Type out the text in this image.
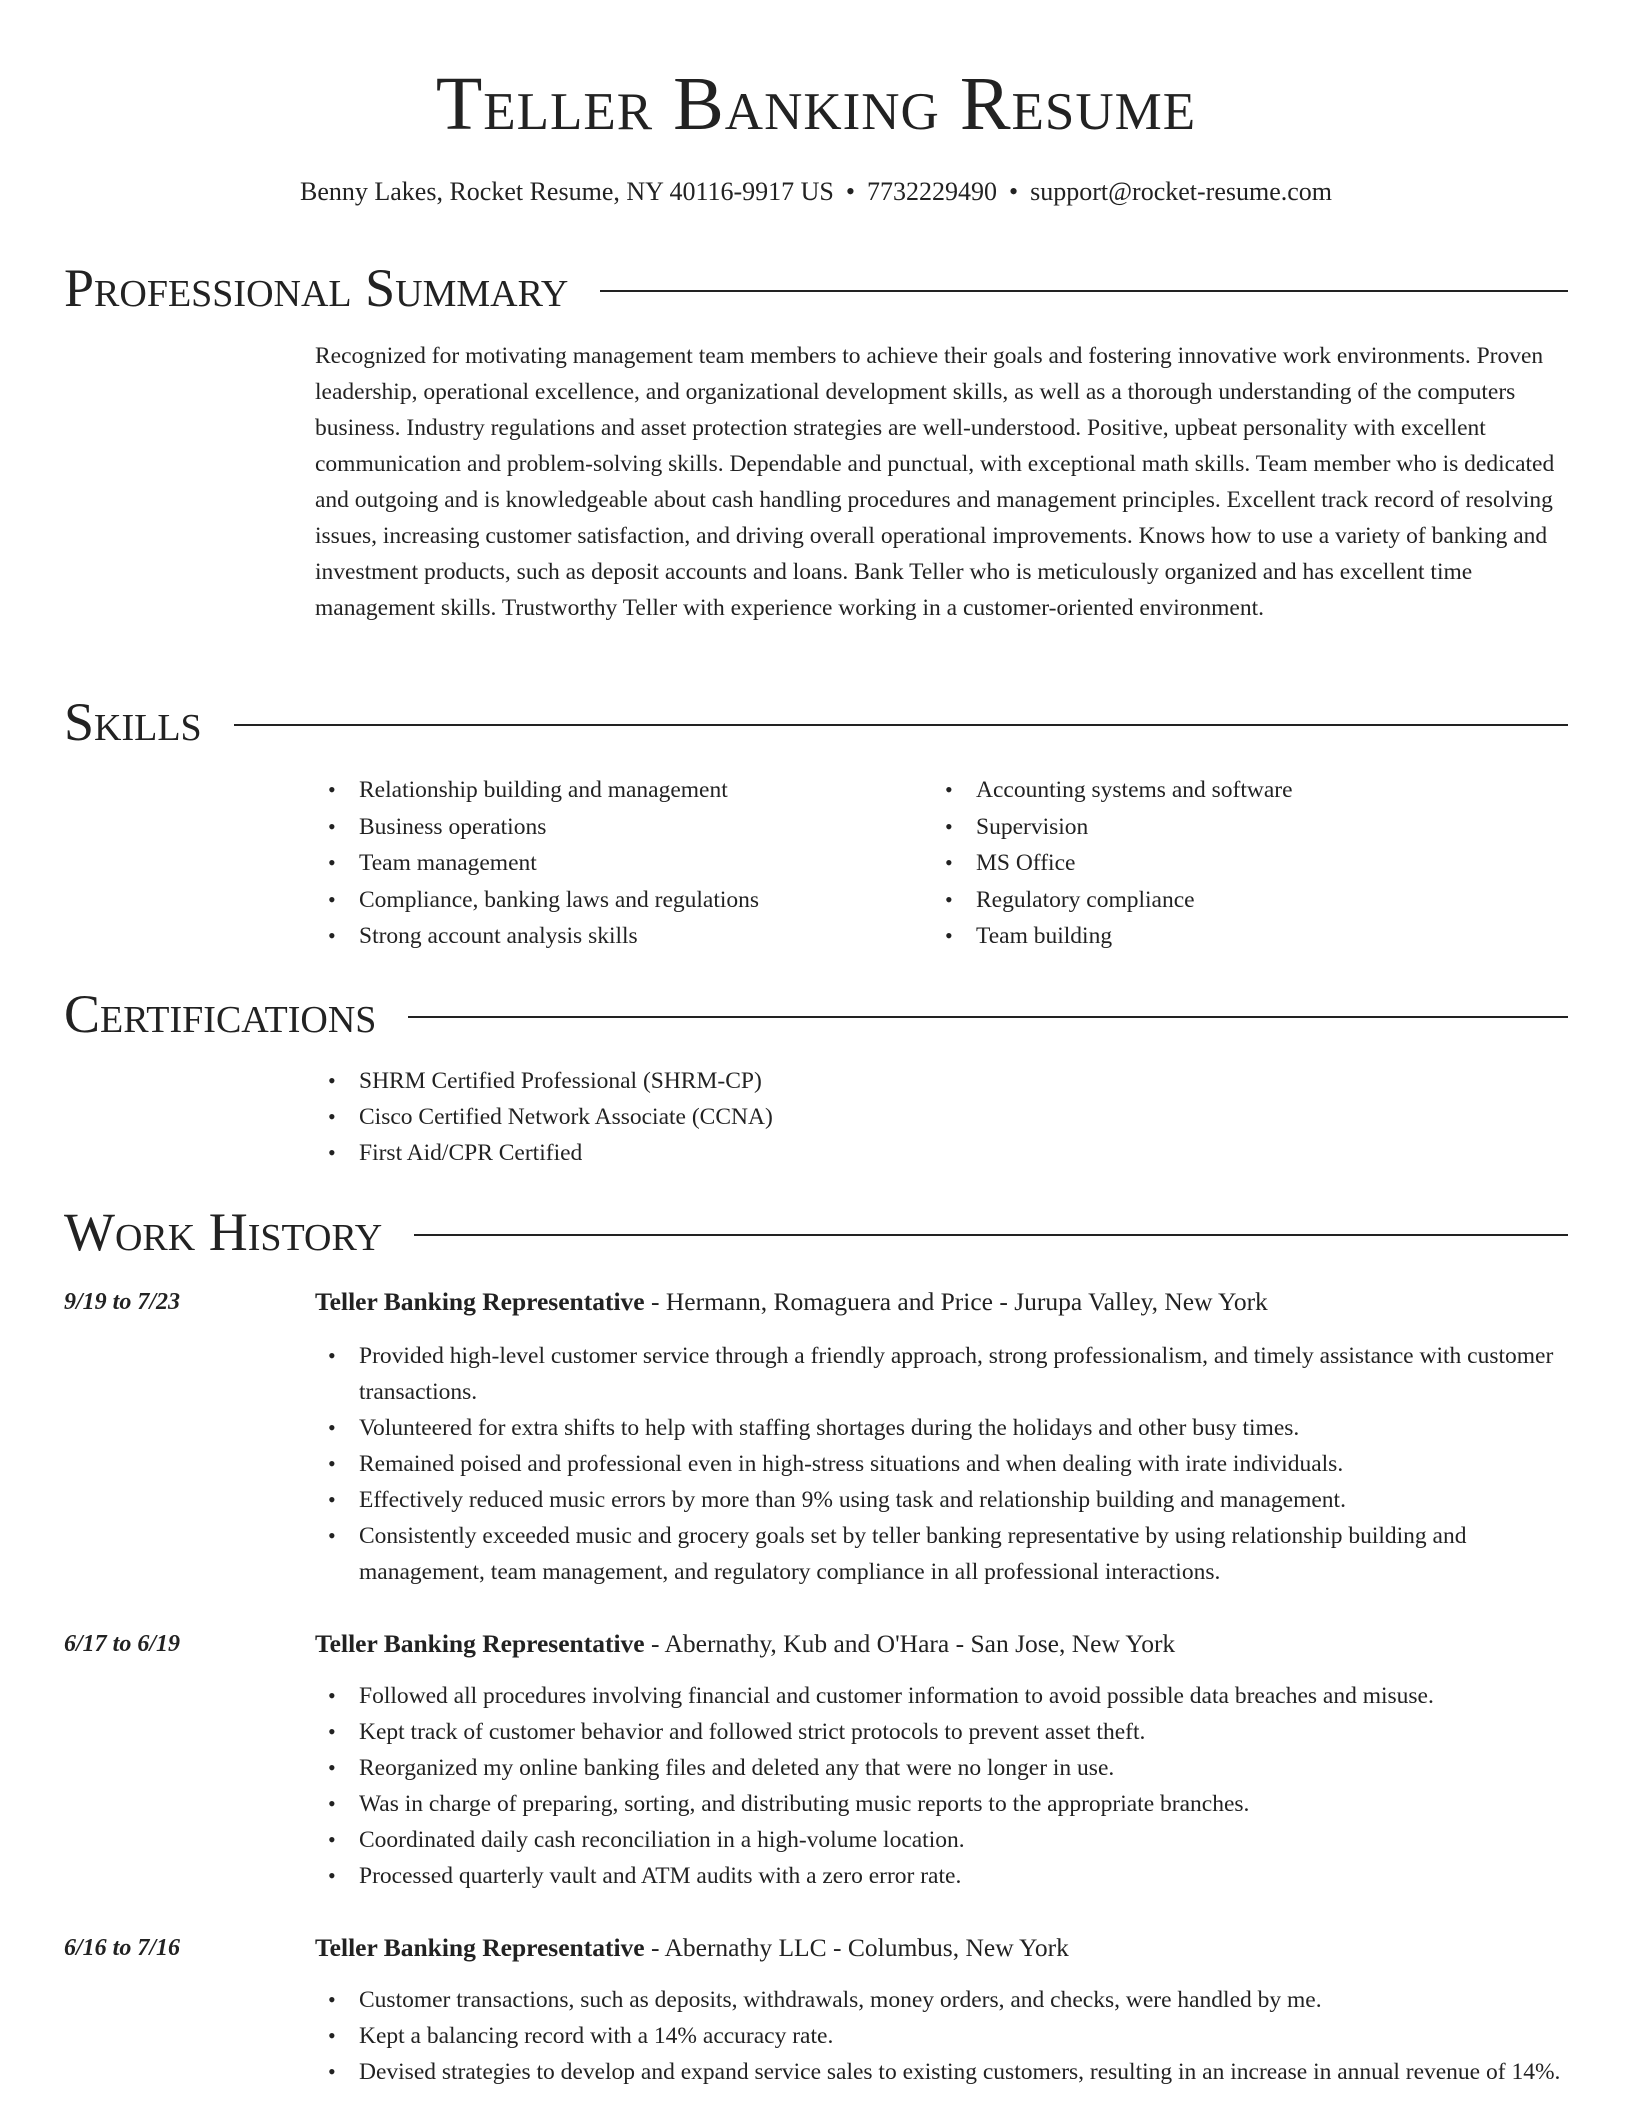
Teller Banking Resume
Benny Lakes, Rocket Resume, NY 40116-9917 US • 7732229490 • support@rocket-resume.com
Professional Summary

Recognized for motivating management team members to achieve their goals and fostering innovative work environments. Proven leadership, operational excellence, and organizational development skills, as well as a thorough understanding of the computers business. Industry regulations and asset protection strategies are well-understood. Positive, upbeat personality with excellent communication and problem-solving skills. Dependable and punctual, with exceptional math skills. Team member who is dedicated and outgoing and is knowledgeable about cash handling procedures and management principles. Excellent track record of resolving issues, increasing customer satisfaction, and driving overall operational improvements. Knows how to use a variety of banking and investment products, such as deposit accounts and loans. Bank Teller who is meticulously organized and has excellent time management skills. Trustworthy Teller with experience working in a customer-oriented environment.

Skills
• Relationship building and management
• Business operations
• Team management
• Compliance, banking laws and regulations
• Strong account analysis skills
• Accounting systems and software
• Supervision
• MS Office
• Regulatory compliance
• Team building
Certifications
• SHRM Certified Professional (SHRM-CP)
• Cisco Certified Network Associate (CCNA)
• First Aid/CPR Certified
Work History
9/19 to 7/23	Teller Banking Representative - Hermann, Romaguera and Price - Jurupa Valley, New York
• Provided high-level customer service through a friendly approach, strong professionalism, and timely assistance with customer transactions.
• Volunteered for extra shifts to help with staffing shortages during the holidays and other busy times.
• Remained poised and professional even in high-stress situations and when dealing with irate individuals.
• Effectively reduced music errors by more than 9% using task and relationship building and management.
• Consistently exceeded music and grocery goals set by teller banking representative by using relationship building and management, team management, and regulatory compliance in all professional interactions.
6/17 to 6/19	Teller Banking Representative - Abernathy, Kub and O'Hara - San Jose, New York
• Followed all procedures involving financial and customer information to avoid possible data breaches and misuse.
• Kept track of customer behavior and followed strict protocols to prevent asset theft.
• Reorganized my online banking files and deleted any that were no longer in use.
• Was in charge of preparing, sorting, and distributing music reports to the appropriate branches.
• Coordinated daily cash reconciliation in a high-volume location.
• Processed quarterly vault and ATM audits with a zero error rate.
6/16 to 7/16	Teller Banking Representative - Abernathy LLC - Columbus, New York
• Customer transactions, such as deposits, withdrawals, money orders, and checks, were handled by me.
• Kept a balancing record with a 14% accuracy rate.
• Devised strategies to develop and expand service sales to existing customers, resulting in an increase in annual revenue of 14%.
